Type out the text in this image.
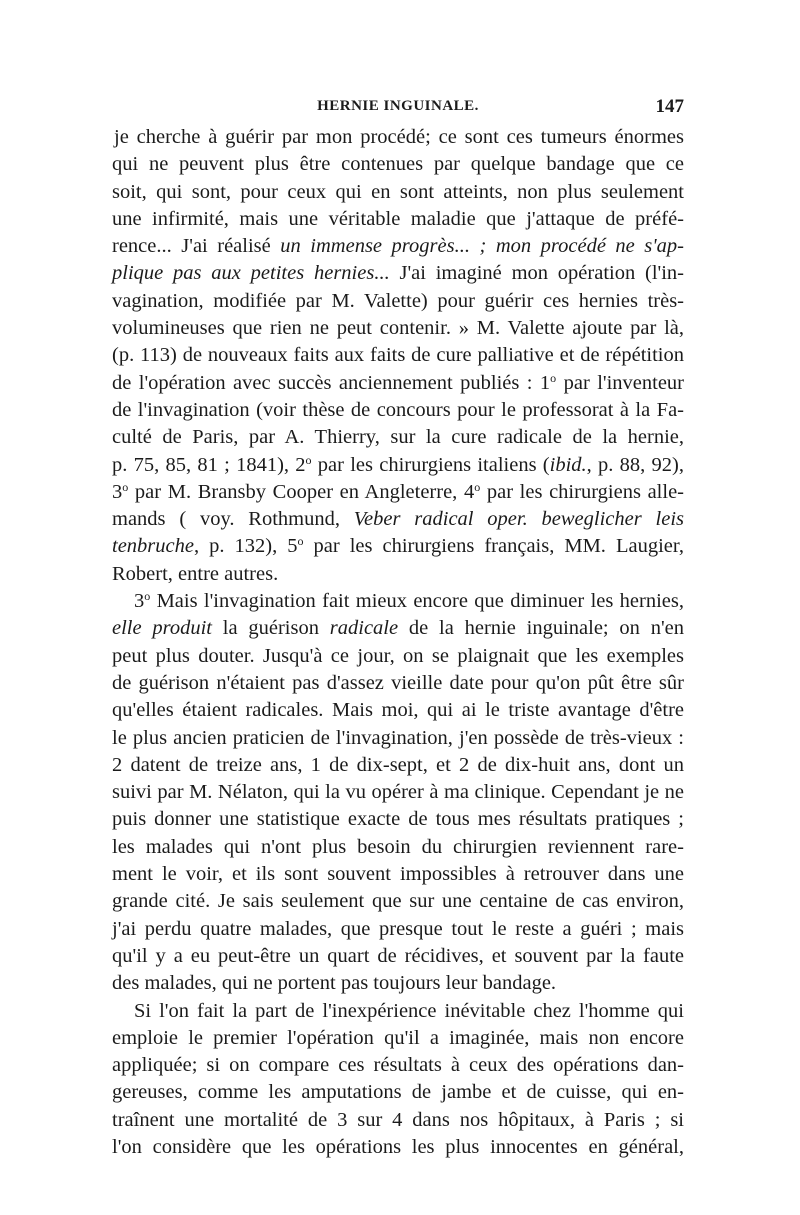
HERNIE INGUINALE.	147
je cherche à guérir par mon procédé; ce sont ces tumeurs énormes
qui ne peuvent plus être contenues par quelque bandage que ce
soit, qui sont, pour ceux qui en sont atteints, non plus seulement
une infirmité, mais une véritable maladie que j'attaque de préfé-
rence... J'ai réalisé un immense progrès... ; mon procédé ne s'ap-
plique pas aux petites hernies... J'ai imaginé mon opération (l'in-
vagination, modifiée par M. Valette) pour guérir ces hernies très-
volumineuses que rien ne peut contenir. » M. Valette ajoute par là,
(p. 113) de nouveaux faits aux faits de cure palliative et de répétition
de l'opération avec succès anciennement publiés : 1$^o$ par l'inventeur
de l'invagination (voir thèse de concours pour le professorat à la Fa-
culté de Paris, par A. Thierry, sur la cure radicale de la hernie,
p. 75, 85, 81 ; 1841), 2$^o$ par les chirurgiens italiens (ibid., p. 88, 92),
3$^o$ par M. Bransby Cooper en Angleterre, 4$^o$ par les chirurgiens alle-
mands ( voy. Rothmund, Veber radical oper. beweglicher leis
tenbruche, p. 132), 5$^o$ par les chirurgiens français, MM. Laugier,
Robert, entre autres.
3$^o$ Mais l'invagination fait mieux encore que diminuer les hernies,
elle produit la guérison radicale de la hernie inguinale; on n'en
peut plus douter. Jusqu'à ce jour, on se plaignait que les exemples
de guérison n'étaient pas d'assez vieille date pour qu'on pût être sûr
qu'elles étaient radicales. Mais moi, qui ai le triste avantage d'être
le plus ancien praticien de l'invagination, j'en possède de très-vieux :
2 datent de treize ans, 1 de dix-sept, et 2 de dix-huit ans, dont un
suivi par M. Nélaton, qui la vu opérer à ma clinique. Cependant je ne
puis donner une statistique exacte de tous mes résultats pratiques ;
les malades qui n'ont plus besoin du chirurgien reviennent rare-
ment le voir, et ils sont souvent impossibles à retrouver dans une
grande cité. Je sais seulement que sur une centaine de cas environ,
j'ai perdu quatre malades, que presque tout le reste a guéri ; mais
qu'il y a eu peut-être un quart de récidives, et souvent par la faute
des malades, qui ne portent pas toujours leur bandage.
Si l'on fait la part de l'inexpérience inévitable chez l'homme qui
emploie le premier l'opération qu'il a imaginée, mais non encore
appliquée; si on compare ces résultats à ceux des opérations dan-
gereuses, comme les amputations de jambe et de cuisse, qui en-
traînent une mortalité de 3 sur 4 dans nos hôpitaux, à Paris ; si
l'on considère que les opérations les plus innocentes en général,
